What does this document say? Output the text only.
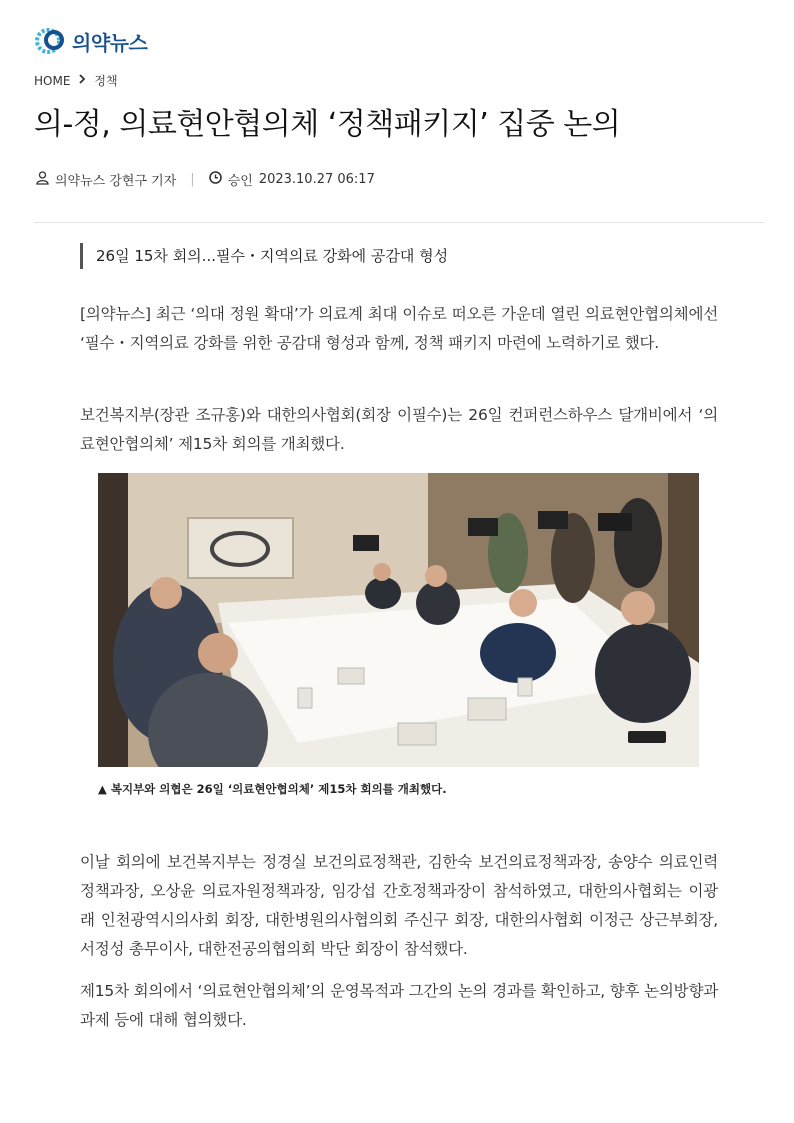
의약뉴스
HOME 정책
의-정, 의료현안협의체 ‘정책패키지’ 집중 논의
의약뉴스 강현구 기자 |	승인 2023.10.27 06:17
26일 15차 회의...필수・지역의료 강화에 공감대 형성

[의약뉴스] 최근 ‘의대 정원 확대’가 의료계 최대 이슈로 떠오른 가운데 열린 의료현안협의체에선 ‘필수・지역의료 강화를 위한 공감대 형성과 함께, 정책 패키지 마련에 노력하기로 했다.

보건복지부(장관 조규홍)와 대한의사협회(회장 이필수)는 26일 컨퍼런스하우스 달개비에서 ‘의료현안협의체’ 제15차 회의를 개최했다.

▲ 복지부와 의협은 26일 ‘의료현안협의체’ 제15차 회의를 개최했다.

이날 회의에 보건복지부는 정경실 보건의료정책관, 김한숙 보건의료정책과장, 송양수 의료인력정책과장, 오상윤 의료자원정책과장, 임강섭 간호정책과장이 참석하였고, 대한의사협회는 이광래 인천광역시의사회 회장, 대한병원의사협의회 주신구 회장, 대한의사협회 이정근 상근부회장, 서정성 총무이사, 대한전공의협의회 박단 회장이 참석했다.

제15차 회의에서 ‘의료현안협의체’의 운영목적과 그간의 논의 경과를 확인하고, 향후 논의방향과 과제 등에 대해 협의했다.
